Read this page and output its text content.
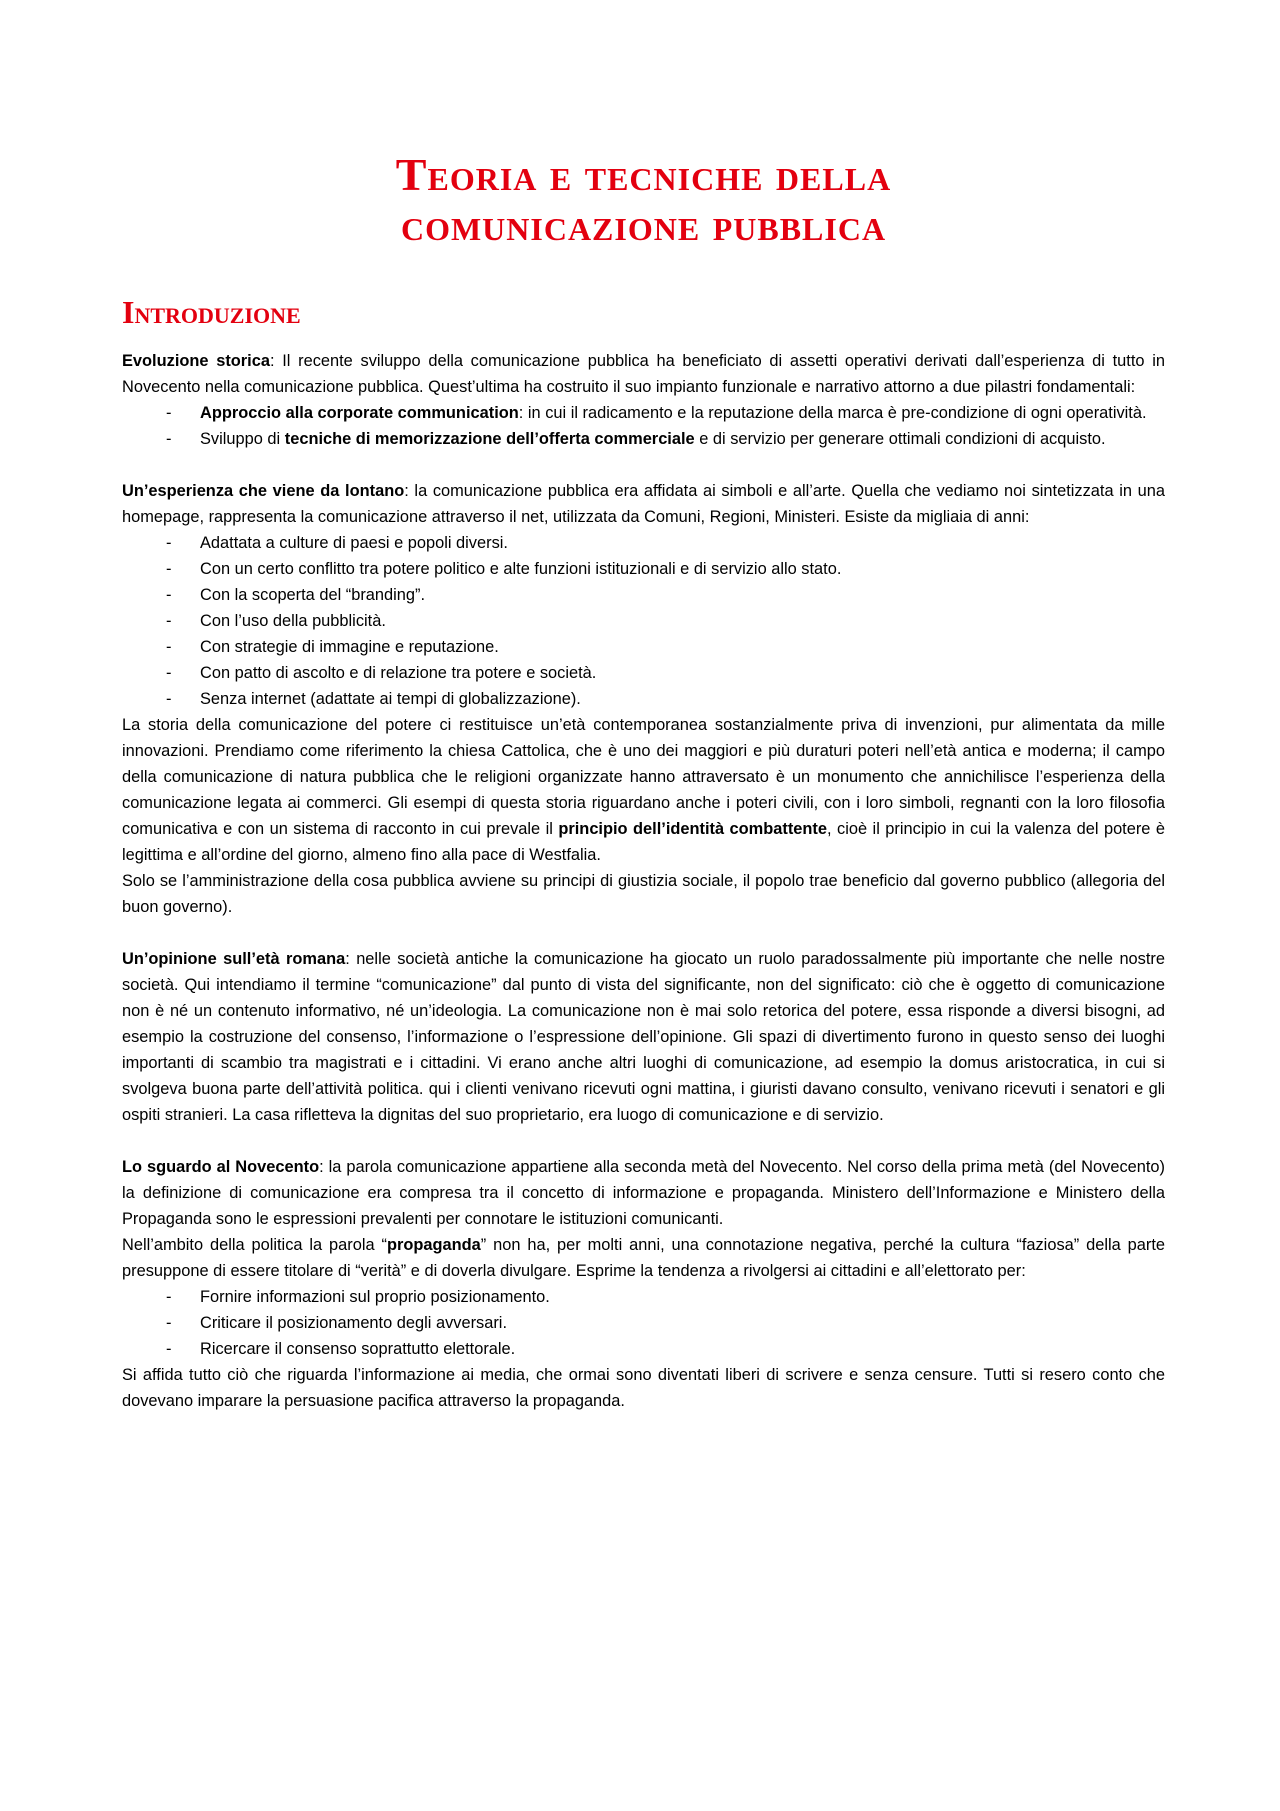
Teoria e tecniche della
comunicazione pubblica
Introduzione

Evoluzione storica: Il recente sviluppo della comunicazione pubblica ha beneficiato di assetti operativi derivati dall’esperienza di tutto in Novecento nella comunicazione pubblica. Quest’ultima ha costruito il suo impianto funzionale e narrativo attorno a due pilastri fondamentali:

- Approccio alla corporate communication: in cui il radicamento e la reputazione della marca è pre-condizione di ogni operatività.
- Sviluppo di tecniche di memorizzazione dell’offerta commerciale e di servizio per generare ottimali condizioni di acquisto.

Un’esperienza che viene da lontano: la comunicazione pubblica era affidata ai simboli e all’arte. Quella che vediamo noi sintetizzata in una homepage, rappresenta la comunicazione attraverso il net, utilizzata da Comuni, Regioni, Ministeri. Esiste da migliaia di anni:

- Adattata a culture di paesi e popoli diversi.
- Con un certo conflitto tra potere politico e alte funzioni istituzionali e di servizio allo stato.
- Con la scoperta del “branding”.
- Con l’uso della pubblicità.
- Con strategie di immagine e reputazione.
- Con patto di ascolto e di relazione tra potere e società.
- Senza internet (adattate ai tempi di globalizzazione).

La storia della comunicazione del potere ci restituisce un’età contemporanea sostanzialmente priva di invenzioni, pur alimentata da mille innovazioni. Prendiamo come riferimento la chiesa Cattolica, che è uno dei maggiori e più duraturi poteri nell’età antica e moderna; il campo della comunicazione di natura pubblica che le religioni organizzate hanno attraversato è un monumento che annichilisce l’esperienza della comunicazione legata ai commerci. Gli esempi di questa storia riguardano anche i poteri civili, con i loro simboli, regnanti con la loro filosofia comunicativa e con un sistema di racconto in cui prevale il principio dell’identità combattente, cioè il principio in cui la valenza del potere è legittima e all’ordine del giorno, almeno fino alla pace di Westfalia.

Solo se l’amministrazione della cosa pubblica avviene su principi di giustizia sociale, il popolo trae beneficio dal governo pubblico (allegoria del buon governo).

Un’opinione sull’età romana: nelle società antiche la comunicazione ha giocato un ruolo paradossalmente più importante che nelle nostre società. Qui intendiamo il termine “comunicazione” dal punto di vista del significante, non del significato: ciò che è oggetto di comunicazione non è né un contenuto informativo, né un’ideologia. La comunicazione non è mai solo retorica del potere, essa risponde a diversi bisogni, ad esempio la costruzione del consenso, l’informazione o l’espressione dell’opinione. Gli spazi di divertimento furono in questo senso dei luoghi importanti di scambio tra magistrati e i cittadini. Vi erano anche altri luoghi di comunicazione, ad esempio la domus aristocratica, in cui si svolgeva buona parte dell’attività politica. qui i clienti venivano ricevuti ogni mattina, i giuristi davano consulto, venivano ricevuti i senatori e gli ospiti stranieri. La casa rifletteva la dignitas del suo proprietario, era luogo di comunicazione e di servizio.

Lo sguardo al Novecento: la parola comunicazione appartiene alla seconda metà del Novecento. Nel corso della prima metà (del Novecento) la definizione di comunicazione era compresa tra il concetto di informazione e propaganda. Ministero dell’Informazione e Ministero della Propaganda sono le espressioni prevalenti per connotare le istituzioni comunicanti.

Nell’ambito della politica la parola “propaganda” non ha, per molti anni, una connotazione negativa, perché la cultura “faziosa” della parte presuppone di essere titolare di “verità” e di doverla divulgare. Esprime la tendenza a rivolgersi ai cittadini e all’elettorato per:

- Fornire informazioni sul proprio posizionamento.
- Criticare il posizionamento degli avversari.
- Ricercare il consenso soprattutto elettorale.

Si affida tutto ciò che riguarda l’informazione ai media, che ormai sono diventati liberi di scrivere e senza censure. Tutti si resero conto che dovevano imparare la persuasione pacifica attraverso la propaganda.
